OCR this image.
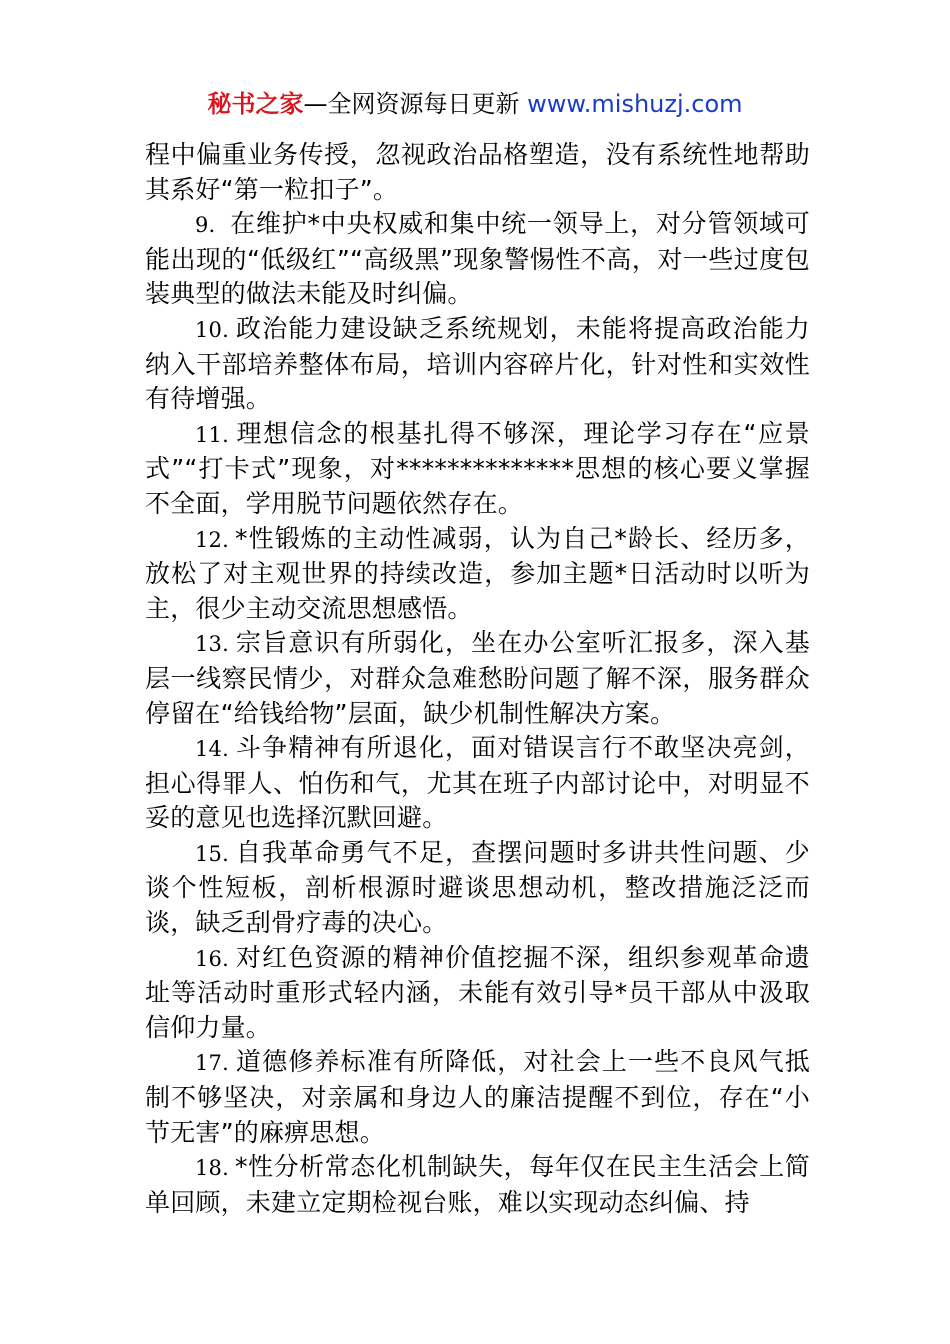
秘书之家—全网资源每日更新 www.mishuzj.com

程中偏重业务传授，忽视政治品格塑造，没有系统性地帮助其系好“第一粒扣子”。

9. 在维护*中央权威和集中统一领导上，对分管领域可能出现的“低级红”“高级黑”现象警惕性不高，对一些过度包装典型的做法未能及时纠偏。

10. 政治能力建设缺乏系统规划，未能将提高政治能力纳入干部培养整体布局，培训内容碎片化，针对性和实效性有待增强。

11. 理想信念的根基扎得不够深，理论学习存在“应景式”“打卡式”现象，对**************思想的核心要义掌握不全面，学用脱节问题依然存在。

12. *性锻炼的主动性减弱，认为自己*龄长、经历多，放松了对主观世界的持续改造，参加主题*日活动时以听为主，很少主动交流思想感悟。

13. 宗旨意识有所弱化，坐在办公室听汇报多，深入基层一线察民情少，对群众急难愁盼问题了解不深，服务群众停留在“给钱给物”层面，缺少机制性解决方案。

14. 斗争精神有所退化，面对错误言行不敢坚决亮剑，担心得罪人、怕伤和气，尤其在班子内部讨论中，对明显不妥的意见也选择沉默回避。

15. 自我革命勇气不足，查摆问题时多讲共性问题、少谈个性短板，剖析根源时避谈思想动机，整改措施泛泛而谈，缺乏刮骨疗毒的决心。

16. 对红色资源的精神价值挖掘不深，组织参观革命遗址等活动时重形式轻内涵，未能有效引导*员干部从中汲取信仰力量。

17. 道德修养标准有所降低，对社会上一些不良风气抵制不够坚决，对亲属和身边人的廉洁提醒不到位，存在“小节无害”的麻痹思想。

18. *性分析常态化机制缺失，每年仅在民主生活会上简单回顾，未建立定期检视台账，难以实现动态纠偏、持
